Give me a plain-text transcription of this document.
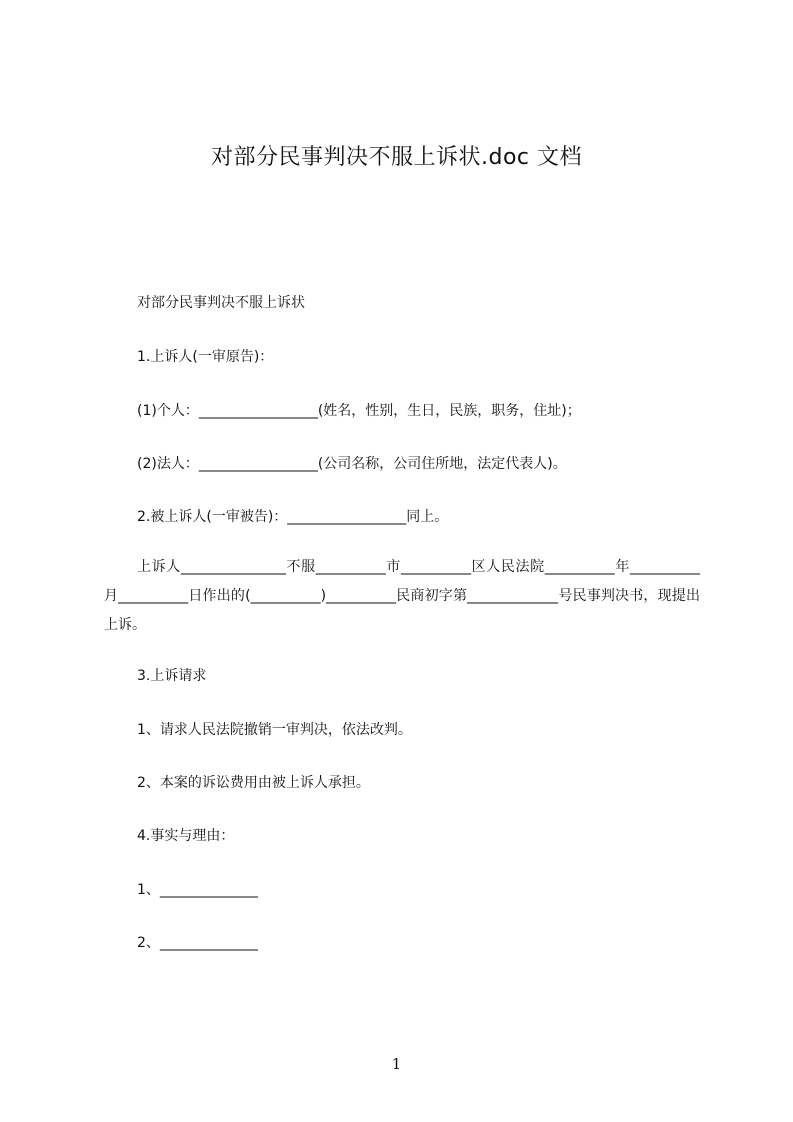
对部分民事判决不服上诉状.doc 文档
对部分民事判决不服上诉状
1.上诉人(一审原告)：
(1)个人：_________________(姓名，性别，生日，民族，职务，住址)；
(2)法人：_________________(公司名称，公司住所地，法定代表人)。
2.被上诉人(一审被告)：_________________同上。
上诉人_______________不服__________市__________区人民法院__________年__________月__________日作出的(__________)__________民商初字第_____________号民事判决书，现提出上诉。
3.上诉请求
1、请求人民法院撤销一审判决，依法改判。
2、本案的诉讼费用由被上诉人承担。
4.事实与理由：
1、______________
2、______________
1
